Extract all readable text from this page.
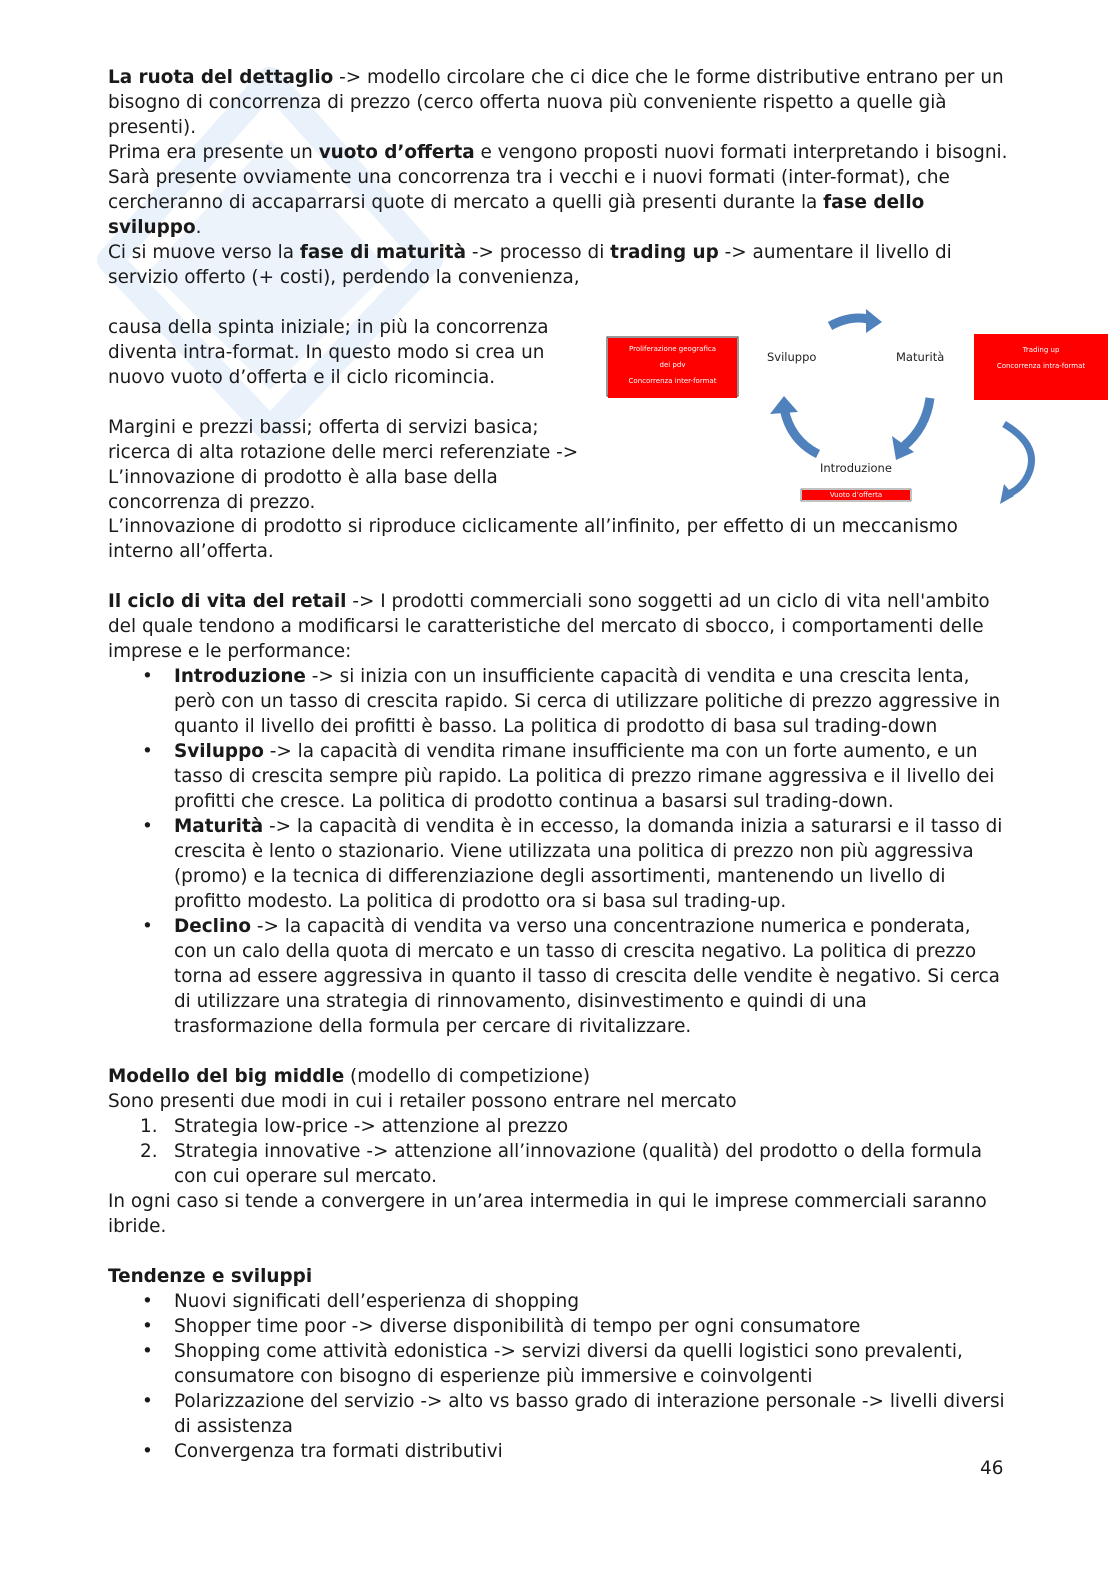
La ruota del dettaglio -> modello circolare che ci dice che le forme distributive entrano per un bisogno di concorrenza di prezzo (cerco offerta nuova più conveniente rispetto a quelle già presenti).

Prima era presente un vuoto d’offerta e vengono proposti nuovi formati interpretando i bisogni.

Sarà presente ovviamente una concorrenza tra i vecchi e i nuovi formati (inter-format), che cercheranno di accaparrarsi quote di mercato a quelli già presenti durante la fase dello sviluppo.

Ci si muove verso la fase di maturità -> processo di trading up -> aumentare il livello di servizio offerto (+ costi), perdendo la convenienza,

causa della spinta iniziale; in più la concorrenza diventa intra-format. In questo modo si crea un nuovo vuoto d’offerta e il ciclo ricomincia.

Margini e prezzi bassi; offerta di servizi basica; ricerca di alta rotazione delle merci referenziate -> L’innovazione di prodotto è alla base della concorrenza di prezzo.

Proliferazione geografica
dei pdv
Concorrenza inter-format
Trading up
Concorrenza intra-format
Vuoto d’offerta
Sviluppo	Maturità
Introduzione

L’innovazione di prodotto si riproduce ciclicamente all’infinito, per effetto di un meccanismo interno all’offerta.

Il ciclo di vita del retail -> I prodotti commerciali sono soggetti ad un ciclo di vita nell'ambito del quale tendono a modificarsi le caratteristiche del mercato di sbocco, i comportamenti delle imprese e le performance:

• Introduzione -> si inizia con un insufficiente capacità di vendita e una crescita lenta, però con un tasso di crescita rapido. Si cerca di utilizzare politiche di prezzo aggressive in quanto il livello dei profitti è basso. La politica di prodotto di basa sul trading-down
• Sviluppo -> la capacità di vendita rimane insufficiente ma con un forte aumento, e un tasso di crescita sempre più rapido. La politica di prezzo rimane aggressiva e il livello dei profitti che cresce. La politica di prodotto continua a basarsi sul trading-down.
• Maturità -> la capacità di vendita è in eccesso, la domanda inizia a saturarsi e il tasso di crescita è lento o stazionario. Viene utilizzata una politica di prezzo non più aggressiva (promo) e la tecnica di differenziazione degli assortimenti, mantenendo un livello di profitto modesto. La politica di prodotto ora si basa sul trading-up.
• Declino -> la capacità di vendita va verso una concentrazione numerica e ponderata, con un calo della quota di mercato e un tasso di crescita negativo. La politica di prezzo torna ad essere aggressiva in quanto il tasso di crescita delle vendite è negativo. Si cerca di utilizzare una strategia di rinnovamento, disinvestimento e quindi di una trasformazione della formula per cercare di rivitalizzare.

Modello del big middle (modello di competizione)

Sono presenti due modi in cui i retailer possono entrare nel mercato

1. Strategia low-price -> attenzione al prezzo
2. Strategia innovative -> attenzione all’innovazione (qualità) del prodotto o della formula con cui operare sul mercato.

In ogni caso si tende a convergere in un’area intermedia in qui le imprese commerciali saranno ibride.

Tendenze e sviluppi

• Nuovi significati dell’esperienza di shopping
• Shopper time poor -> diverse disponibilità di tempo per ogni consumatore
• Shopping come attività edonistica -> servizi diversi da quelli logistici sono prevalenti, consumatore con bisogno di esperienze più immersive e coinvolgenti
• Polarizzazione del servizio -> alto vs basso grado di interazione personale -> livelli diversi di assistenza
• Convergenza tra formati distributivi
46
